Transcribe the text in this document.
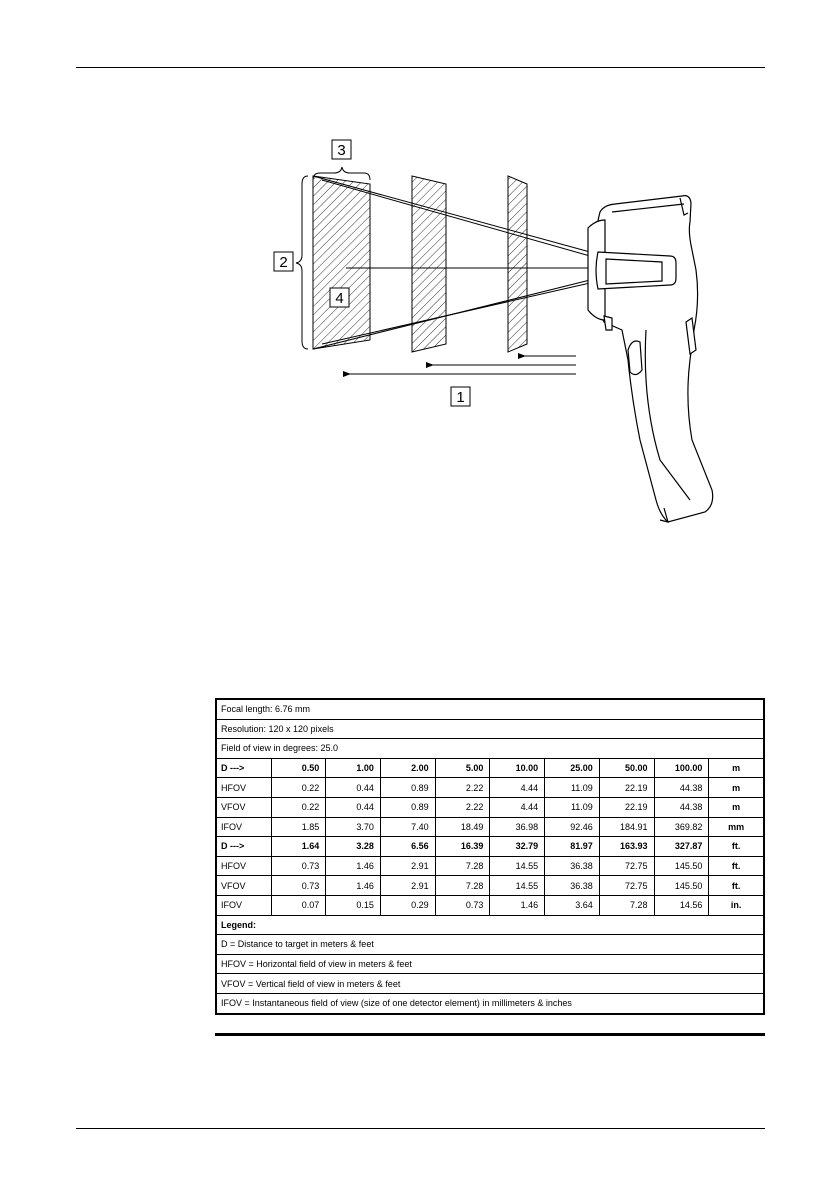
3
2
4
1
Focal length: 6.76 mm									
Resolution: 120 x 120 pixels									
Field of view in degrees: 25.0									
D --->	0.50	1.00	2.00	5.00	10.00	25.00	50.00	100.00	m
HFOV	0.22	0.44	0.89	2.22	4.44	11.09	22.19	44.38	m
VFOV	0.22	0.44	0.89	2.22	4.44	11.09	22.19	44.38	m
IFOV	1.85	3.70	7.40	18.49	36.98	92.46	184.91	369.82	mm
D --->	1.64	3.28	6.56	16.39	32.79	81.97	163.93	327.87	ft.
HFOV	0.73	1.46	2.91	7.28	14.55	36.38	72.75	145.50	ft.
VFOV	0.73	1.46	2.91	7.28	14.55	36.38	72.75	145.50	ft.
IFOV	0.07	0.15	0.29	0.73	1.46	3.64	7.28	14.56	in.
Legend:									
D = Distance to target in meters & feet									
HFOV = Horizontal field of view in meters & feet									
VFOV = Vertical field of view in meters & feet									
IFOV = Instantaneous field of view (size of one detector element) in millimeters & inches									
